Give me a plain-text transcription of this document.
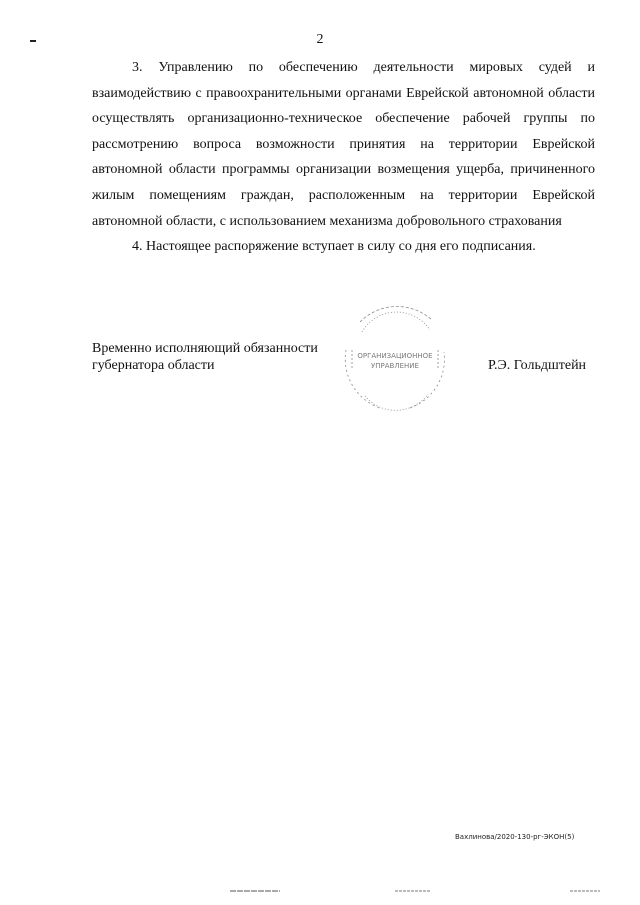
2

3. Управлению по обеспечению деятельности мировых судей и взаимодействию с правоохранительными органами Еврейской автономной области осуществлять организационно-техническое обеспечение рабочей группы по рассмотрению вопроса возможности принятия на территории Еврейской автономной области программы организации возмещения ущерба, причиненного жилым помещениям граждан, расположенным на территории Еврейской автономной области, с использованием механизма добровольного страхования

4. Настоящее распоряжение вступает в силу со дня его подписания.

Временно исполняющий обязанности
губернатора области
ОРГАНИЗАЦИОННОЕ
УПРАВЛЕНИЕ	Р.Э. Гольдштейн
Вахлинова/2020-130-рг-ЭКОН(5)
